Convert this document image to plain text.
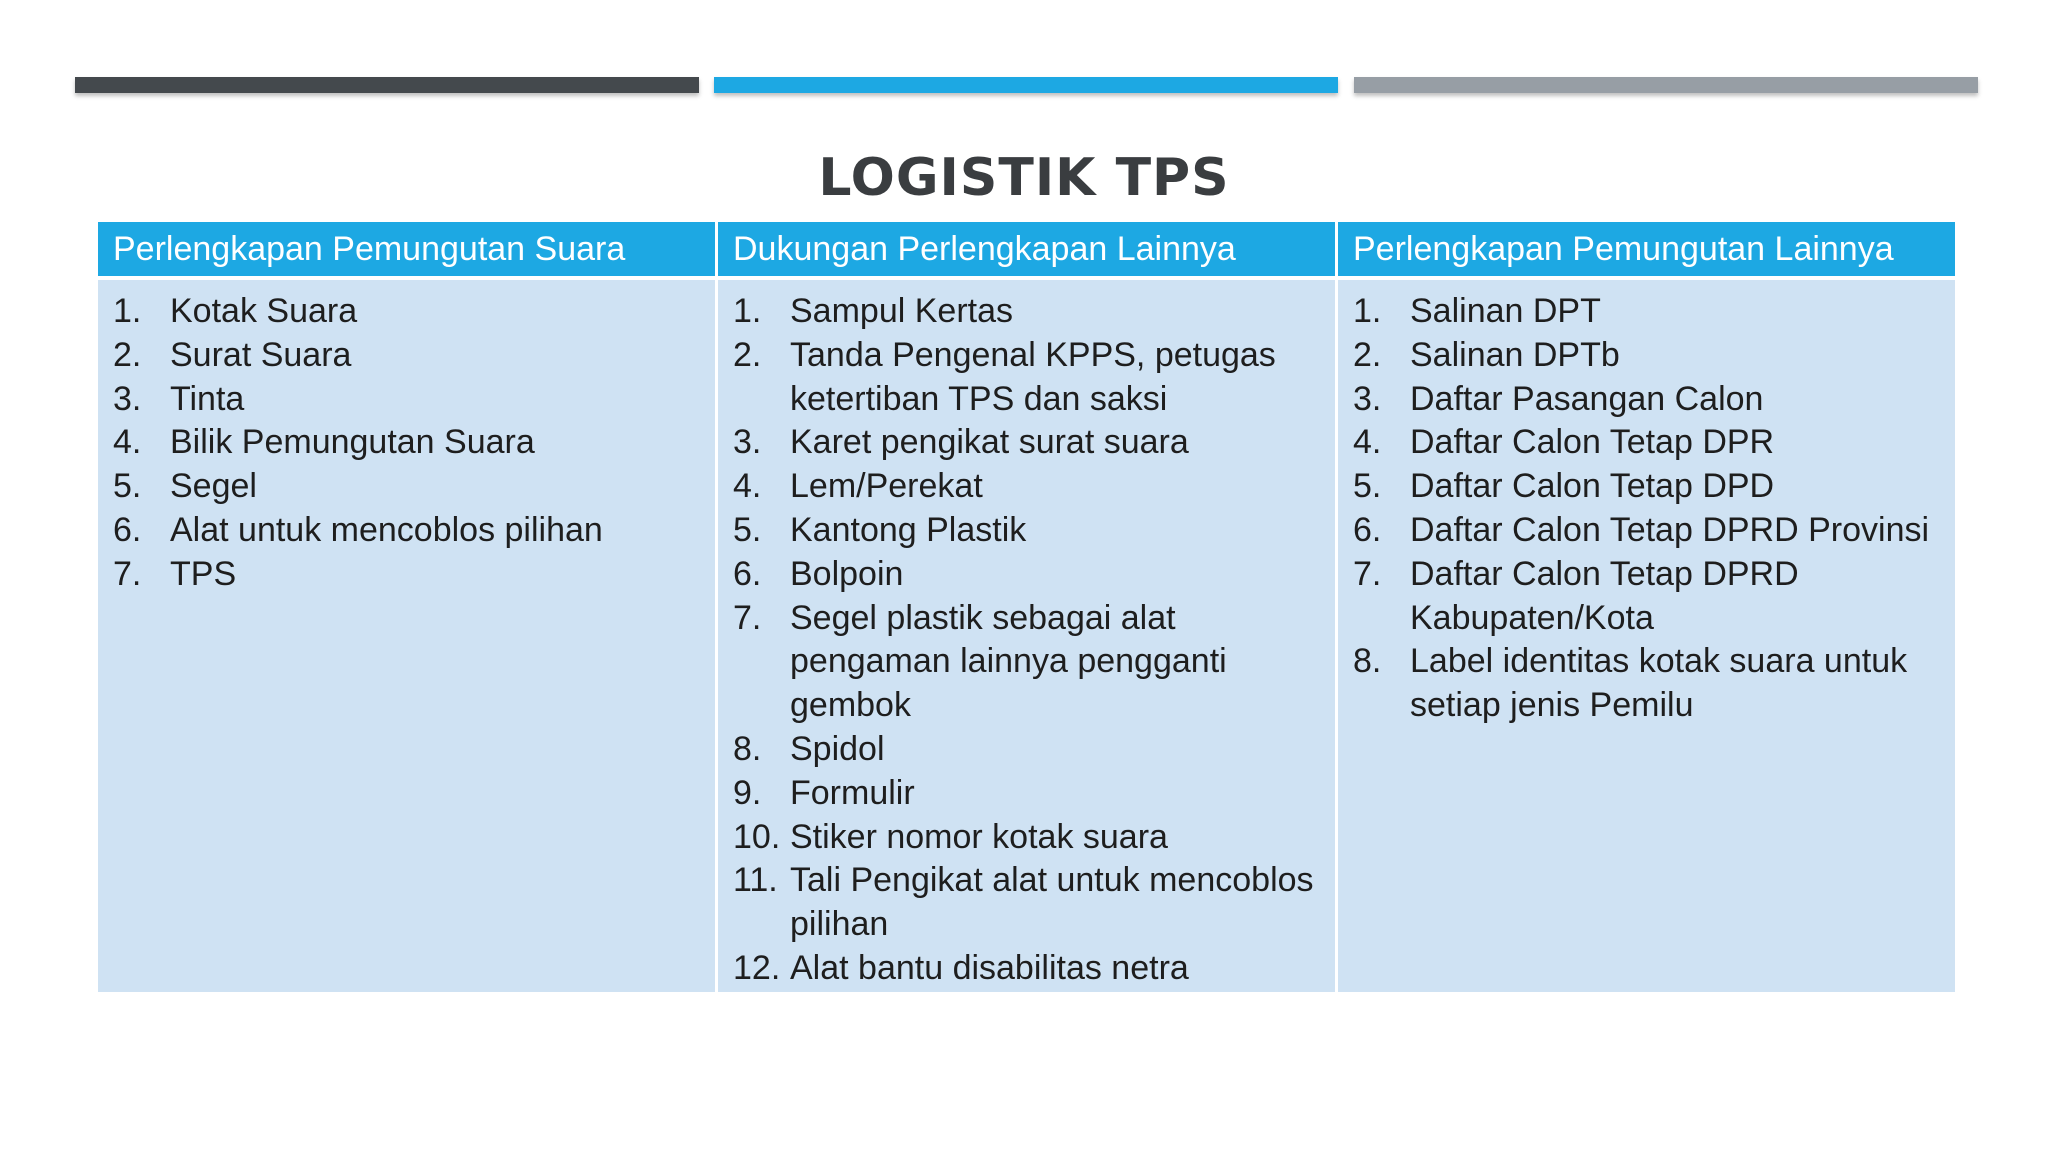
LOGISTIK TPS
Perlengkapan Pemungutan Suara
1. Kotak Suara
2. Surat Suara
3. Tinta
4. Bilik Pemungutan Suara
5. Segel
6. Alat untuk mencoblos pilihan
7. TPS
Dukungan Perlengkapan Lainnya
1. Sampul Kertas
2. Tanda Pengenal KPPS, petugas ketertiban TPS dan saksi
3. Karet pengikat surat suara
4. Lem/Perekat
5. Kantong Plastik
6. Bolpoin
7. Segel plastik sebagai alat pengaman lainnya pengganti gembok
8. Spidol
9. Formulir
10. Stiker nomor kotak suara
11. Tali Pengikat alat untuk mencoblos pilihan
12. Alat bantu disabilitas netra
Perlengkapan Pemungutan Lainnya
1. Salinan DPT
2. Salinan DPTb
3. Daftar Pasangan Calon
4. Daftar Calon Tetap DPR
5. Daftar Calon Tetap DPD
6. Daftar Calon Tetap DPRD Provinsi
7. Daftar Calon Tetap DPRD Kabupaten/Kota
8. Label identitas kotak suara untuk setiap jenis Pemilu
